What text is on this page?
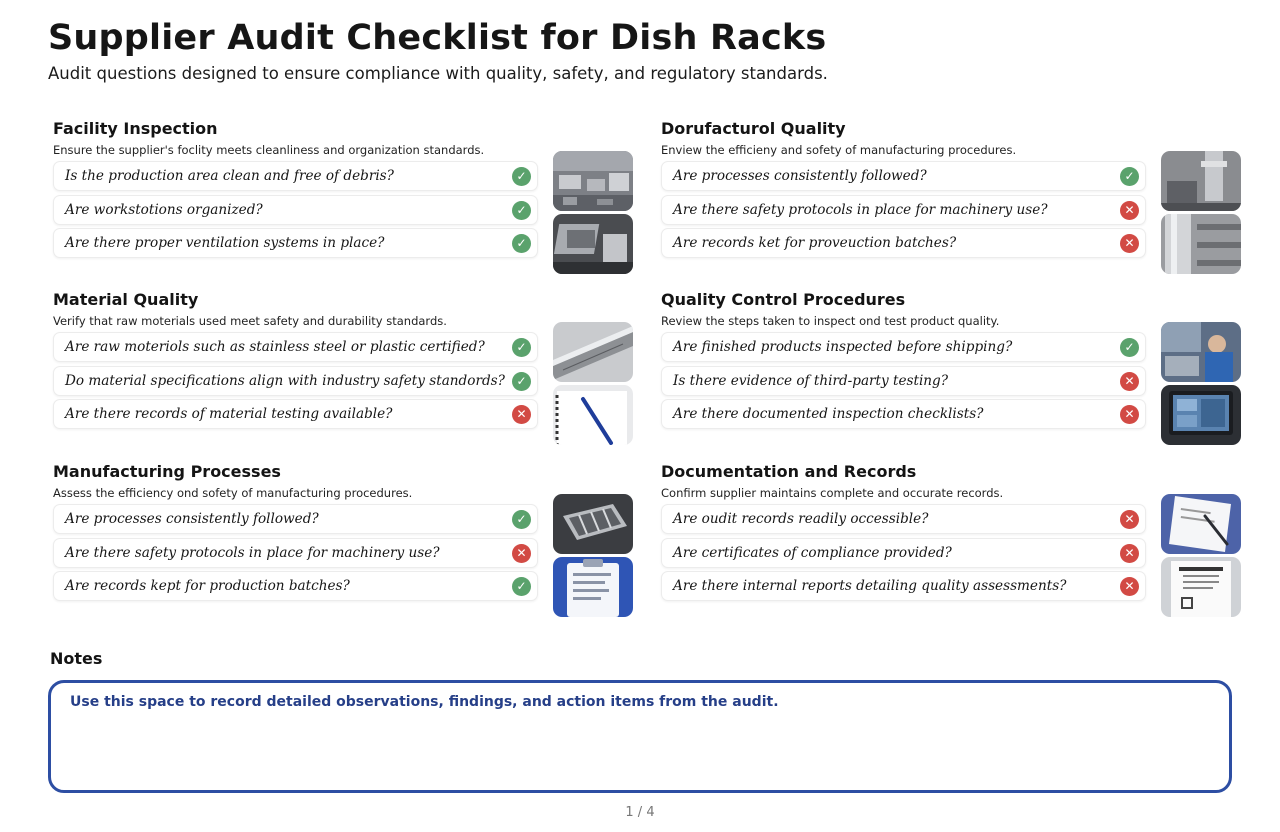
Supplier Audit Checklist for Dish Racks
Audit questions designed to ensure compliance with quality, safety, and regulatory standards.
Facility Inspection
Ensure the supplier's foclity meets cleanliness and organization standards.
Is the production area clean and free of debris?	✓
Are workstotions organized?	✓
Are there proper ventilation systems in place?	✓
Dorufacturol Quality
Enview the efficieny and sofety of manufacturing procedures.
Are processes consistently followed?	✓
Are there safety protocols in place for machinery use?	✕
Are records ket for proveuction batches?	✕
Material Quality
Verify that raw moterials used meet safety and durability standards.
Are raw moteriols such as stainless steel or plastic certified?	✓
Do material specifications align with industry safety standords? ✓
Are there records of material testing available?	✕
Quality Control Procedures
Review the steps taken to inspect ond test product quality.
Are finished products inspected before shipping?	✓
Is there evidence of third-party testing?	✕
Are there documented inspection checklists?	✕
Manufacturing Processes
Assess the efficiency ond sofety of manufacturing procedures.
Are processes consistently followed?	✓
Are there safety protocols in place for machinery use?	✕
Are records kept for production batches?	✓
Documentation and Records
Confirm supplier maintains complete and occurate records.
Are oudit records readily occessible?	✕
Are certificates of compliance provided?	✕
Are there internal reports detailing quality assessments?	✕
Notes
Use this space to record detailed observations, findings, and action items from the audit.
1 / 4
